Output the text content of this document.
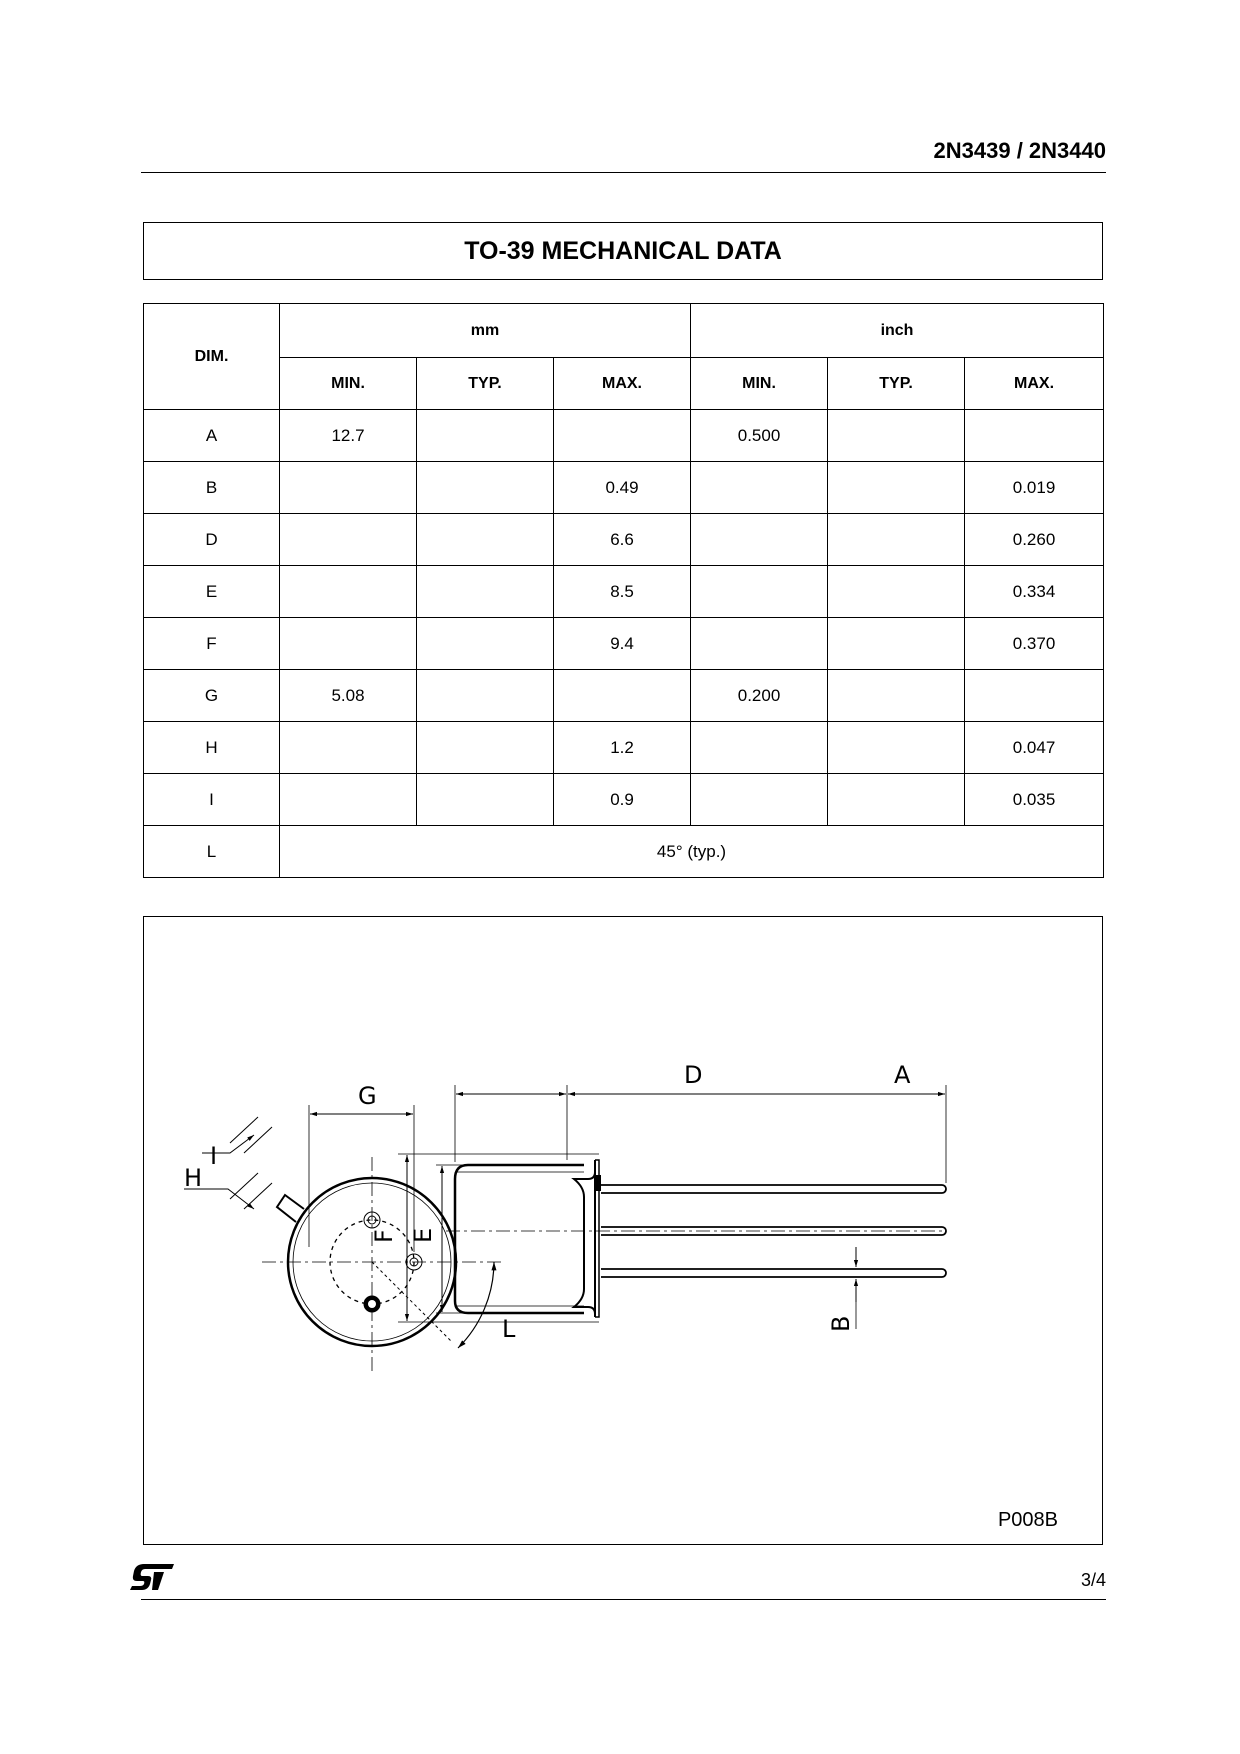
2N3439 / 2N3440
TO-39 MECHANICAL DATA
DIM.	mm			inch		
	MIN.	TYP.	MAX.	MIN.	TYP.	MAX.
A	12.7			0.500		
B			0.49			0.019
D			6.6			0.260
E			8.5			0.334
F			9.4			0.370
G	5.08			0.200		
H			1.2			0.047
I			0.9			0.035
L	45° (typ.)					
G
I
H
L
D	A
F E
B
P008B
3/4
